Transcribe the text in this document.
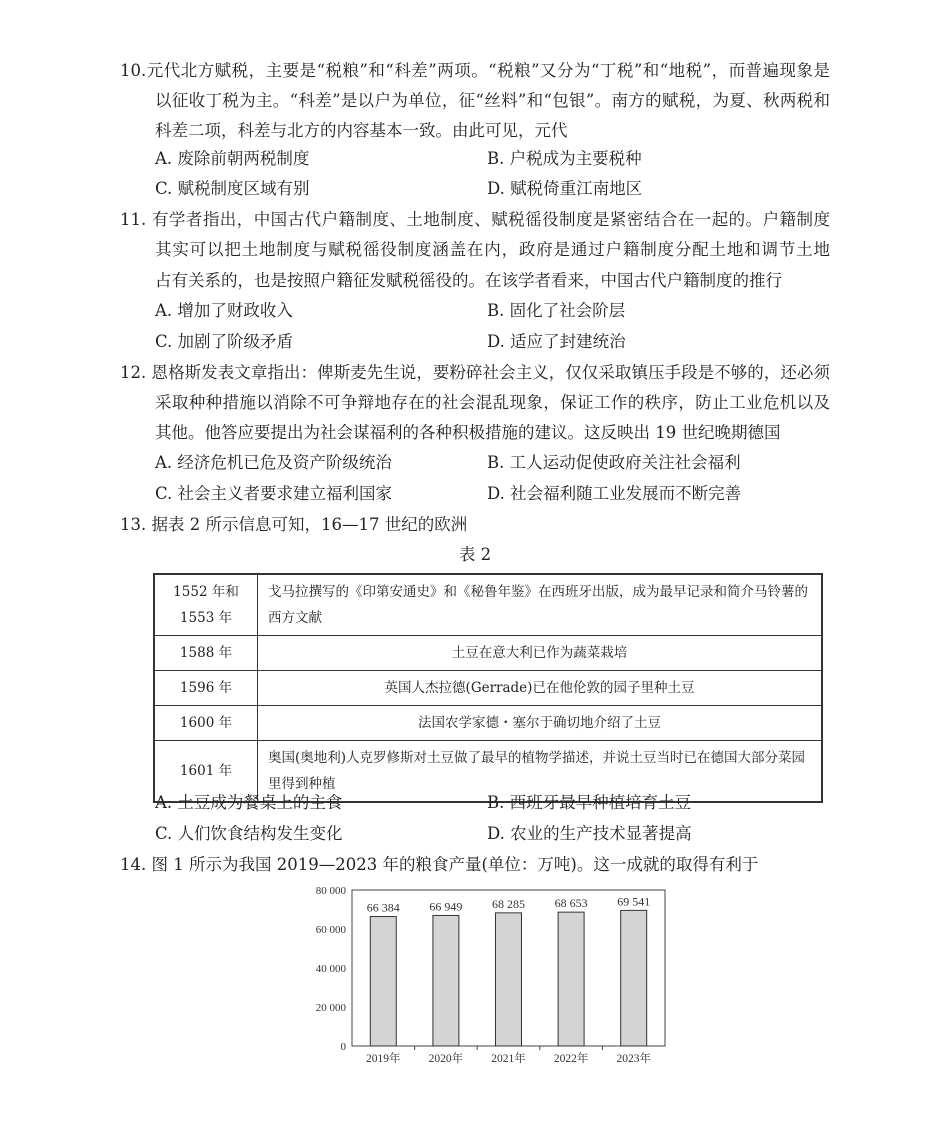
10.元代北方赋税，主要是“税粮”和“科差”两项。“税粮”又分为“丁税”和“地税”，而普遍现象是
以征收丁税为主。“科差”是以户为单位，征“丝料”和“包银”。南方的赋税，为夏、秋两税和
科差二项，科差与北方的内容基本一致。由此可见，元代
A. 废除前朝两税制度	B. 户税成为主要税种
C. 赋税制度区域有别	D. 赋税倚重江南地区
11. 有学者指出，中国古代户籍制度、土地制度、赋税徭役制度是紧密结合在一起的。户籍制度
其实可以把土地制度与赋税徭役制度涵盖在内，政府是通过户籍制度分配土地和调节土地
占有关系的，也是按照户籍征发赋税徭役的。在该学者看来，中国古代户籍制度的推行
A. 增加了财政收入	B. 固化了社会阶层
C. 加剧了阶级矛盾	D. 适应了封建统治
12. 恩格斯发表文章指出：俾斯麦先生说，要粉碎社会主义，仅仅采取镇压手段是不够的，还必须
采取种种措施以消除不可争辩地存在的社会混乱现象，保证工作的秩序，防止工业危机以及
其他。他答应要提出为社会谋福利的各种积极措施的建议。这反映出 19 世纪晚期德国
A. 经济危机已危及资产阶级统治	B. 工人运动促使政府关注社会福利
C. 社会主义者要求建立福利国家	D. 社会福利随工业发展而不断完善
13. 据表 2 所示信息可知，16—17 世纪的欧洲
表 2
1552 年和 1553 年	戈马拉撰写的《印第安通史》和《秘鲁年鉴》在西班牙出版，成为最早记录和简介马铃薯的西方文献
1588 年	土豆在意大利已作为蔬菜栽培
1596 年	英国人杰拉德(Gerrade)已在他伦敦的园子里种土豆
1600 年	法国农学家德・塞尔于确切地介绍了土豆
1601 年	奥国(奥地利)人克罗修斯对土豆做了最早的植物学描述，并说土豆当时已在德国大部分菜园里得到种植
A. 土豆成为餐桌上的主食	B. 西班牙最早种植培育土豆
C. 人们饮食结构发生变化	D. 农业的生产技术显著提高
14. 图 1 所示为我国 2019—2023 年的粮食产量(单位：万吨)。这一成就的取得有利于
0
20 000
40 000
60 000
80 000
66 384
2019年
66 949
2020年
68 285
2021年
68 653
2022年
69 541
2023年
